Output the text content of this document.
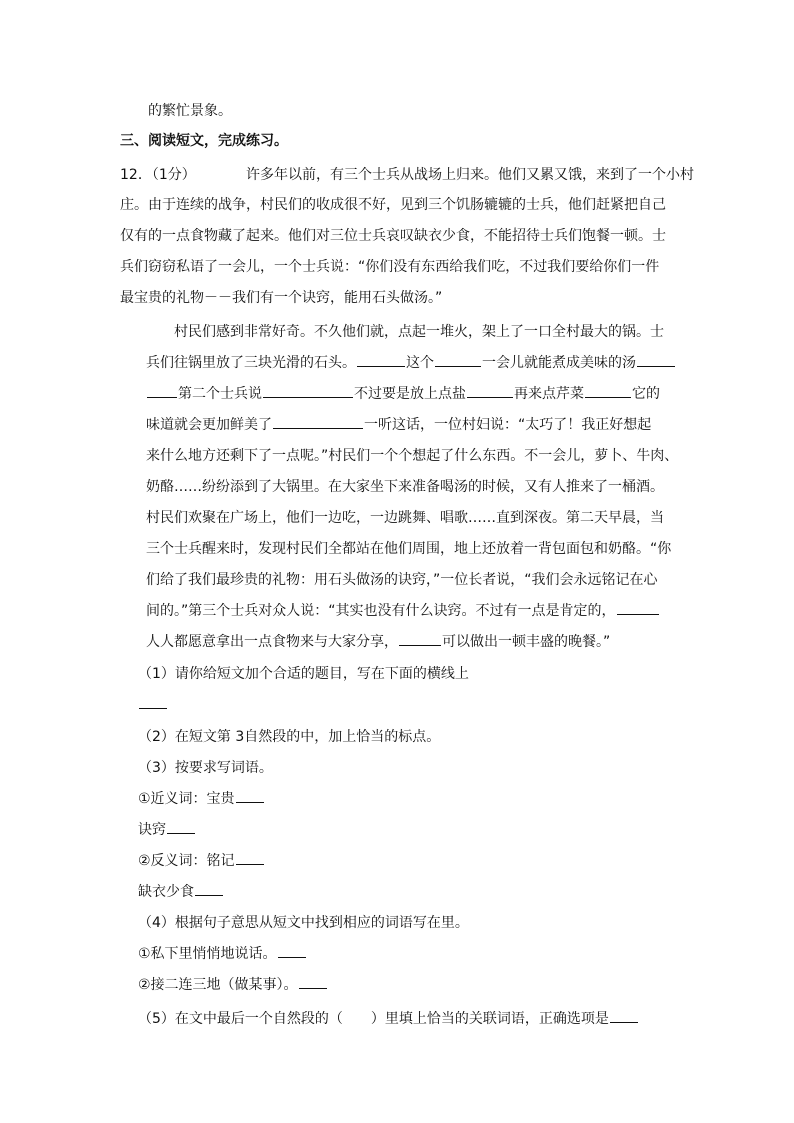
的繁忙景象。
三、阅读短文，完成练习。
12．（1分）	许多年以前，有三个士兵从战场上归来。他们又累又饿，来到了一个小村
庄。由于连续的战争，村民们的收成很不好，见到三个饥肠辘辘的士兵，他们赶紧把自己
仅有的一点食物藏了起来。他们对三位士兵哀叹缺衣少食，不能招待士兵们饱餐一顿。士
兵们窃窃私语了一会儿，一个士兵说：“你们没有东西给我们吃，不过我们要给你们一件
最宝贵的礼物－－我们有一个诀窍，能用石头做汤。”
村民们感到非常好奇。不久他们就，点起一堆火，架上了一口全村最大的锅。士
兵们往锅里放了三块光滑的石头。	这个	一会儿就能煮成美味的汤
第二个士兵说	不过要是放上点盐	再来点芹菜	它的
味道就会更加鲜美了	一听这话，一位村妇说：“太巧了！我正好想起
来什么地方还剩下了一点呢。”村民们一个个想起了什么东西。不一会儿，萝卜、牛肉、
奶酪……纷纷添到了大锅里。在大家坐下来准备喝汤的时候，又有人推来了一桶酒。
村民们欢聚在广场上，他们一边吃，一边跳舞、唱歌……直到深夜。第二天早晨，当
三个士兵醒来时，发现村民们全都站在他们周围，地上还放着一背包面包和奶酪。“你
们给了我们最珍贵的礼物：用石头做汤的诀窍，”一位长者说，“我们会永远铭记在心
间的。”第三个士兵对众人说：“其实也没有什么诀窍。不过有一点是肯定的，
人人都愿意拿出一点食物来与大家分享，	可以做出一顿丰盛的晚餐。”
（1）请你给短文加个合适的题目，写在下面的横线上
（2）在短文第 3自然段的中，加上恰当的标点。
（3）按要求写词语。
①近义词：宝贵
诀窍
②反义词：铭记
缺衣少食
（4）根据句子意思从短文中找到相应的词语写在里。
①私下里悄悄地说话。
②接二连三地（做某事）。
（5）在文中最后一个自然段的（ ）里填上恰当的关联词语，正确选项是
